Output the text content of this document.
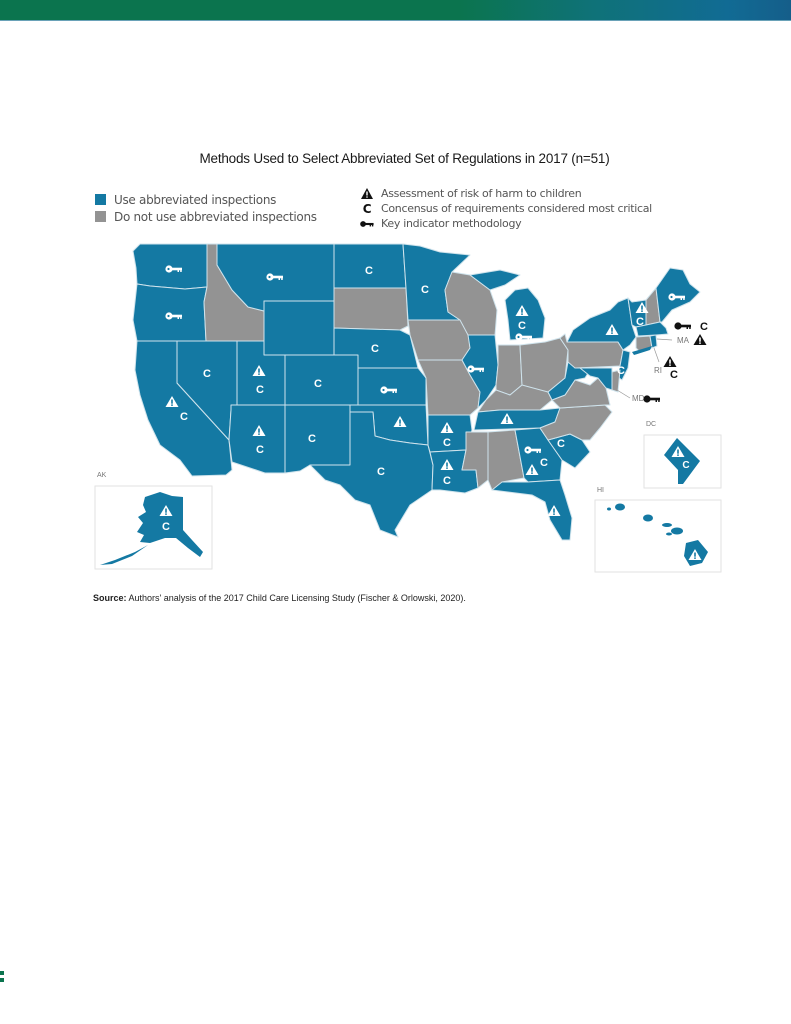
Methods Used to Select Abbreviated Set of Regulations in 2017 (n=51)
Use abbreviated inspections
Do not use abbreviated inspections
Assessment of risk of harm to children
C Concensus of requirements considered most critical
Key indicator methodology
C
C
C
C
C
C
C
C
C
C
C
C
C
C
C
C
C
C
C
C
C
AK
DC
HI
MA
RI
MD
Source: Authors' analysis of the 2017 Child Care Licensing Study (Fischer & Orlowski, 2020).
